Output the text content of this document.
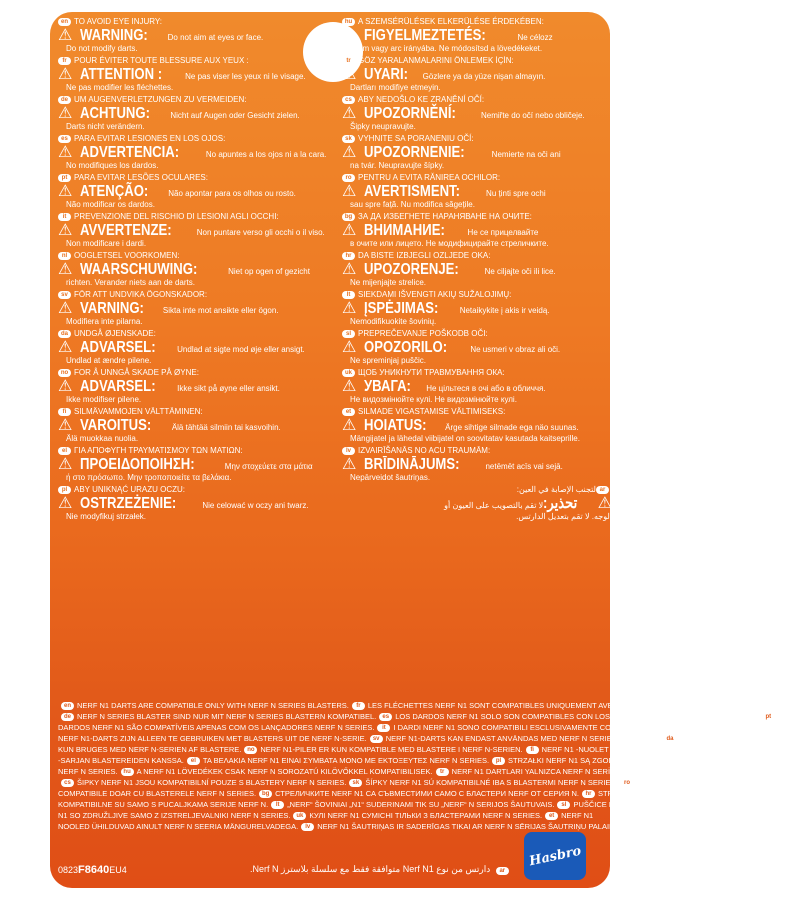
en TO AVOID EYE INJURY:
⚠ WARNING: Do not aim at eyes or face.
Do not modify darts.
fr POUR ÉVITER TOUTE BLESSURE AUX YEUX :
⚠ ATTENTION :	Ne pas viser les yeux ni le visage.
Ne pas modifier les fléchettes.
de UM AUGENVERLETZUNGEN ZU VERMEIDEN:
⚠ ACHTUNG:	Nicht auf Augen oder Gesicht zielen.
Darts nicht verändern.
es PARA EVITAR LESIONES EN LOS OJOS:
⚠ ADVERTENCIA:	No apuntes a los ojos ni a la cara.
No modifiques los dardos.
pt PARA EVITAR LESÕES OCULARES:
⚠ ATENÇÃO: Não apontar para os olhos ou rosto.
Não modificar os dardos.
it PREVENZIONE DEL RISCHIO DI LESIONI AGLI OCCHI:
⚠ AVVERTENZE:	Non puntare verso gli occhi o il viso.
Non modificare i dardi.
nl OOGLETSEL VOORKOMEN:
⚠ WAARSCHUWING:	Niet op ogen of gezicht
richten. Verander niets aan de darts.
sv FÖR ATT UNDVIKA ÖGONSKADOR:
⚠ VARNING: Sikta inte mot ansikte eller ögon.
Modifiera inte pilarna.
da UNDGÅ ØJENSKADE:
⚠ ADVARSEL:	Undlad at sigte mod øje eller ansigt.
Undlad at ændre pilene.
no FOR Å UNNGÅ SKADE PÅ ØYNE:
⚠ ADVARSEL:	Ikke sikt på øyne eller ansikt.
Ikke modifiser pilene.
fi SILMÄVAMMOJEN VÄLTTÄMINEN:
⚠ VAROITUS:	Älä tähtää silmiin tai kasvoihin.
Älä muokkaa nuolia.
el ΓΙΑ ΑΠΟΦΥΓΗ ΤΡΑΥΜΑΤΙΣΜΟΥ ΤΩΝ ΜΑΤΙΩΝ:
⚠ ΠΡΟΕΙΔΟΠΟΙΗΣΗ:	Μην στοχεύετε στα μάτια
ή στο πρόσωπο. Μην τροποποιείτε τα βελάκια.
pl ABY UNIKNĄĆ URAZU OCZU:
⚠ OSTRZEŻENIE:	Nie celować w oczy ani twarz.
Nie modyfikuj strzałek.
hu A SZEMSÉRÜLÉSEK ELKERÜLÉSE ÉRDEKÉBEN:
⚠ FIGYELMEZTETÉS:	Ne célozz
szem vagy arc irányába. Ne módosítsd a lövedékeket.
tr GÖZ YARALANMALARINI ÖNLEMEK İÇİN:
⚠ UYARI: Gözlere ya da yüze nişan almayın.
Dartları modifiye etmeyin.
cs ABY NEDOŠLO KE ZRANĚNÍ OČÍ:
⚠ UPOZORNĚNÍ:	Nemiřte do očí nebo obličeje.
Šipky neupravujte.
sk VYHNITE SA PORANENIU OČÍ:
⚠ UPOZORNENIE:	Nemierte na oči ani
na tvár. Neupravujte šípky.
ro PENTRU A EVITA RĂNIREA OCHILOR:
⚠ AVERTISMENT:	Nu ținti spre ochi
sau spre față. Nu modifica săgețile.
bg ЗА ДА ИЗБЕГНЕТЕ НАРАНЯВАНЕ НА ОЧИТЕ:
⚠ ВНИМАНИЕ:	Не се прицелвайте
в очите или лицето. Не модифицирайте стреличките.
hr DA BISTE IZBJEGLI OZLJEDE OKA:
⚠ UPOZORENJE:	Ne ciljajte oči ili lice.
Ne mijenjajte strelice.
lt SIEKDAMI IŠVENGTI AKIŲ SUŽALOJIMŲ:
⚠ ĮSPĖJIMAS:	Netaikykite į akis ir veidą.
Nemodifikuokite šovinių.
sl PREPREČEVANJE POŠKODB OČI:
⚠ OPOZORILO:	Ne usmeri v obraz ali oči.
Ne spreminjaj puščic.
uk ЩОБ УНИКНУТИ ТРАВМУВАННЯ ОКА:
⚠ УВАГА: Не цільтеся в очі або в обличчя.
Не видозмінюйте кулі. Не видозмінюйте кулі.
et SILMADE VIGASTAMISE VÄLTIMISEKS:
⚠ HOIATUS: Ärge sihtige silmade ega näo suunas.
Mängijatel ja lähedal viibijatel on soovitatav kasutada kaitseprille.
lv IZVAIRĪŠANĀS NO ACU TRAUMĀM:
⚠ BRĪDINĀJUMS:	netēmēt acīs vai sejā.
Nepārveidot šautriņas.
ar
لتجنب الإصابة في العين:
⚠
تحذير:
لا تقم بالتصويب على العيون أو
الوجه. لا تقم بتعديل الدارتس.
en NERF N1 DARTS ARE COMPATIBLE ONLY WITH NERF N SERIES BLASTERS.	fr LES FLÉCHETTES NERF N1 SONT COMPATIBLES UNIQUEMENT AVEC LES BLASTERS NERF N SERIES.
de NERF N SERIES BLASTER SIND NUR MIT NERF N SERIES BLASTERN KOMPATIBEL.	es LOS DARDOS NERF N1 SOLO SON COMPATIBLES CON LOS LANZADORES NERF N SERIES DE NERF.	pt OS
DARDOS NERF N1 SÃO COMPATÍVEIS APENAS COM OS LANÇADORES NERF N SERIES.	it	I DARDI NERF N1 SONO COMPATIBILI ESCLUSIVAMENTE CON I BLASTER NERF N SERIES.
NERF N1-DARTS ZIJN ALLEEN TE GEBRUIKEN MET BLASTERS UIT DE NERF N-SERIE.	sv NERF N1-DARTS KAN ENDAST ANVÄNDAS MED NERF N SERIES-BLASTERS. da NERF N1-DARTS KAN
KUN BRUGES MED NERF N-SERIEN AF BLASTERE. no NERF N1-PILER ER KUN KOMPATIBLE MED BLASTERE I NERF N-SERIEN.	fi	NERF N1 -NUOLET OVAT YHTEENSOPIVIA VAIN NERF N
-SARJAN BLASTEREIDEN KANSSA.	el ΤΑ ΒΕΛΑΚΙΑ NERF N1 ΕΙΝΑΙ ΣΥΜΒΑΤΑ ΜΟΝΟ ΜΕ ΕΚΤΟΞΕΥΤΕΣ NERF N SERIES.	pl STRZAŁKI NERF N1 SĄ ZGODNE WYŁĄCZNIE Z WYRZUTNIAMI
NERF N SERIES. hu A NERF N1 LÖVEDÉKEK CSAK NERF N SOROZATÚ KILÖVŐKKEL KOMPATIBILISEK.	tr NERF N1 DARTLARI YALNIZCA NERF N SERİSİ DART TABANCALARIYLA UYUMLUDUR.
cs ŠIPKY NERF N1 JSOU KOMPATIBILNÍ POUZE S BLASTERY NERF N SERIES.	sk ŠÍPKY NERF N1 SÚ KOMPATIBILNÉ IBA S BLASTERMI NERF N SERIES.	ro SĂGEȚILE NERF N1 SUNT
COMPATIBILE DOAR CU BLASTERELE NERF N SERIES. bg СТРЕЛИЧКИТЕ NERF N1 СА СЪВМЕСТИМИ САМО С БЛАСТЕРИ NERF ОТ СЕРИЯ N.	hr STRELICE NERF N1
KOMPATIBILNE SU SAMO S PUCALJKAMA SERIJE NERF N.	lt	„NERF“ ŠOVINIAI „N1“ SUDERINAMI TIK SU „NERF“ N SERIJOS ŠAUTUVAIS.	sl PUŠČICE NERF
N1 SO ZDRUŽLJIVE SAMO Z IZSTRELJEVALNIKI NERF N SERIES. uk КУЛІ NERF N1 СУМІСНІ ТІЛЬКИ З БЛАСТЕРАМИ NERF N SERIES.	et NERF N1
NOOLED ÜHILDUVAD AINULT NERF N SEERIA MÄNGURELVADEGA.	lv NERF N1 ŠAUTRIŅAS IR SADERĪGAS TIKAI AR NERF N SĒRIJAS ŠAUTRIŅU PALAIDĒJIEM.
0823F8640EU4	ar دارتس من نوع Nerf N1 متوافقة فقط مع سلسلة بلاسترز Nerf N.
Hasbro
